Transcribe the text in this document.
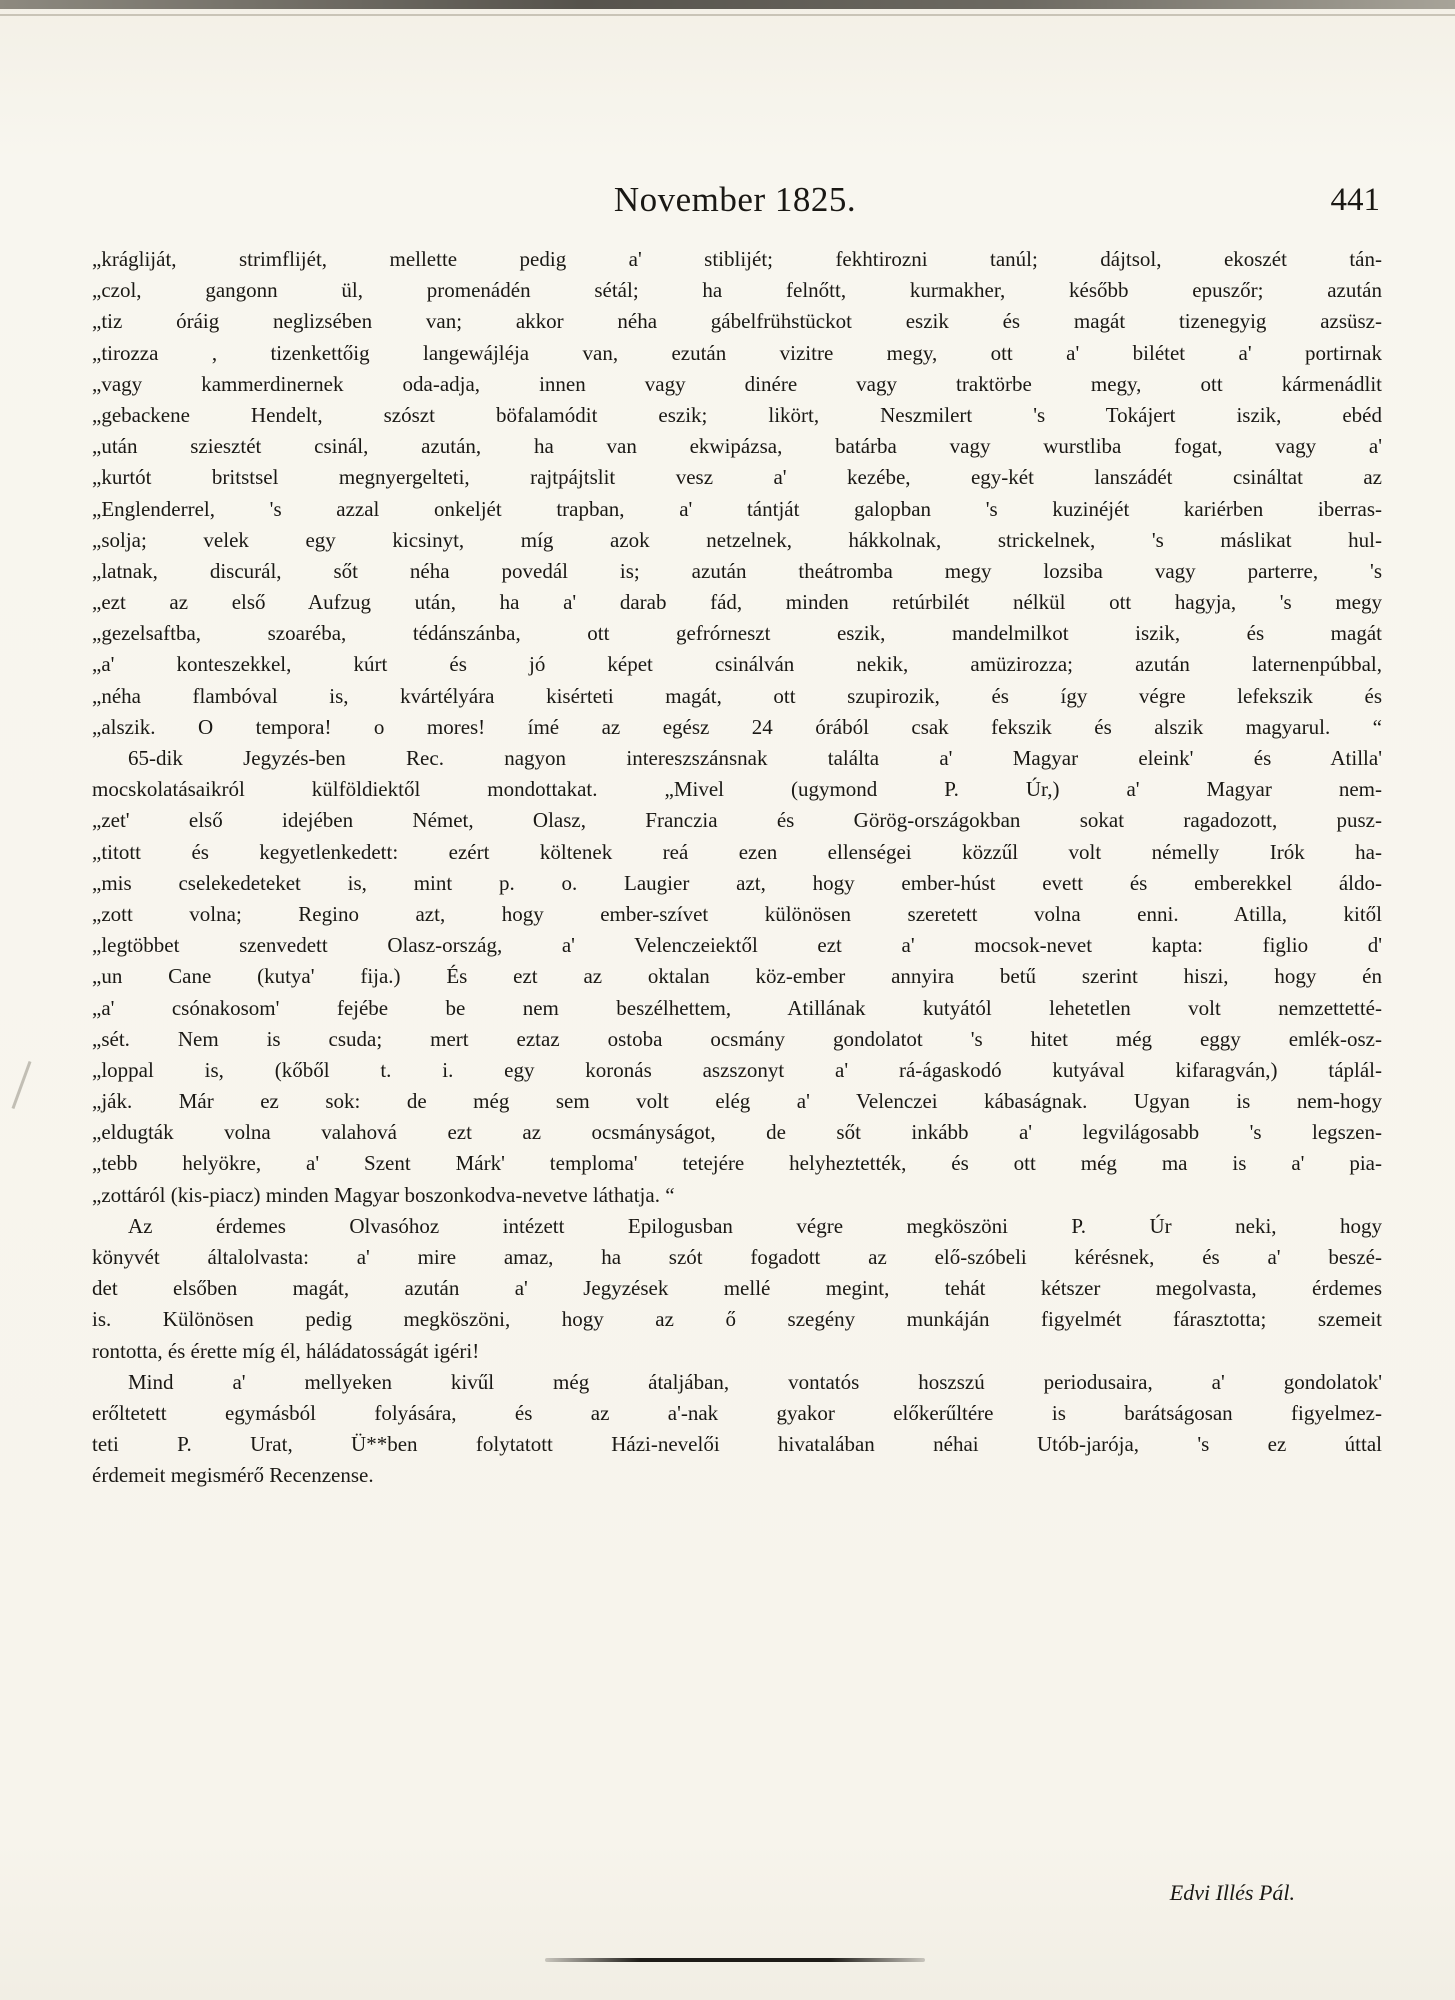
November 1825.	441
„krágliját, strimflijét, mellette pedig a' stiblijét; fekhtirozni tanúl; dájtsol, ekoszét tán-
„czol, gangonn ül, promenádén sétál; ha felnőtt, kurmakher, később epuszőr; azután
„tiz óráig neglizsében van; akkor néha gábelfrühstückot eszik és magát tizenegyig azsüsz-
„tirozza , tizenkettőig langewájléja van, ezután vizitre megy, ott a' bilétet a' portirnak
„vagy kammerdinernek oda-adja, innen vagy dinére vagy traktörbe megy, ott kármenádlit
„gebackene Hendelt, szószt böfalamódit eszik; likört, Neszmilert 's Tokájert iszik, ebéd
„után sziesztét csinál, azután, ha van ekwipázsa, batárba vagy wurstliba fogat, vagy a'
„kurtót britstsel megnyergelteti, rajtpájtslit vesz a' kezébe, egy-két lanszádét csináltat az
„Englenderrel, 's azzal onkeljét trapban, a' tántját galopban 's kuzinéjét kariérben iberras-
„solja; velek egy kicsinyt, míg azok netzelnek, hákkolnak, strickelnek, 's máslikat hul-
„latnak, discurál, sőt néha povedál is; azután theátromba megy lozsiba vagy parterre, 's
„ezt az első Aufzug után, ha a' darab fád, minden retúrbilét nélkül ott hagyja, 's megy
„gezelsaftba, szoaréba, tédánszánba, ott gefrórneszt eszik, mandelmilkot iszik, és magát
„a' konteszekkel, kúrt és jó képet csinálván nekik, amüzirozza; azután laternenpúbbal,
„néha flambóval is, kvártélyára kisérteti magát, ott szupirozik, és így végre lefekszik és
„alszik. O tempora! o mores! ímé az egész 24 órából csak fekszik és alszik magyarul. “
65-dik Jegyzés-ben Rec. nagyon intereszszánsnak találta a' Magyar eleink' és Atilla'
mocskolatásaikról külföldiektől mondottakat. „Mivel (ugymond P. Úr,) a' Magyar nem-
„zet' első idejében Német, Olasz, Franczia és Görög-országokban sokat ragadozott, pusz-
„titott és kegyetlenkedett: ezért költenek reá ezen ellenségei közzűl volt némelly Irók ha-
„mis cselekedeteket is, mint p. o. Laugier azt, hogy ember-húst evett és emberekkel áldo-
„zott volna; Regino azt, hogy ember-szívet különösen szeretett volna enni. Atilla, kitől
„legtöbbet szenvedett Olasz-ország, a' Velenczeiektől ezt a' mocsok-nevet kapta: figlio d'
„un Cane (kutya' fija.) És ezt az oktalan köz-ember annyira betű szerint hiszi, hogy én
„a' csónakosom' fejébe be nem beszélhettem, Atillának kutyától lehetetlen volt nemzettetté-
„sét. Nem is csuda; mert eztaz ostoba ocsmány gondolatot 's hitet még eggy emlék-osz-
„loppal is, (kőből t. i. egy koronás aszszonyt a' rá-ágaskodó kutyával kifaragván,) táplál-
„ják. Már ez sok: de még sem volt elég a' Velenczei kábaságnak. Ugyan is nem-hogy
„eldugták volna valahová ezt az ocsmányságot, de sőt inkább a' legvilágosabb 's legszen-
„tebb helyökre, a' Szent Márk' temploma' tetejére helyheztették, és ott még ma is a' pia-
„zottáról (kis-piacz) minden Magyar boszonkodva-nevetve láthatja. “
Az érdemes Olvasóhoz intézett Epilogusban végre megköszöni P. Úr neki, hogy
könyvét általolvasta: a' mire amaz, ha szót fogadott az elő-szóbeli kérésnek, és a' beszé-
det elsőben magát, azután a' Jegyzések mellé megint, tehát kétszer megolvasta, érdemes
is. Különösen pedig megköszöni, hogy az ő szegény munkáján figyelmét fárasztotta; szemeit
rontotta, és érette míg él, háládatosságát igéri!
Mind a' mellyeken kivűl még átaljában, vontatós hoszszú periodusaira, a' gondolatok'
erőltetett egymásból folyására, és az a'-nak gyakor előkerűltére is barátságosan figyelmez-
teti P. Urat, Ü**ben folytatott Házi-nevelői hivatalában néhai Utób-jarója, 's ez úttal
érdemeit megismérő Recenzense.
Edvi Illés Pál.
